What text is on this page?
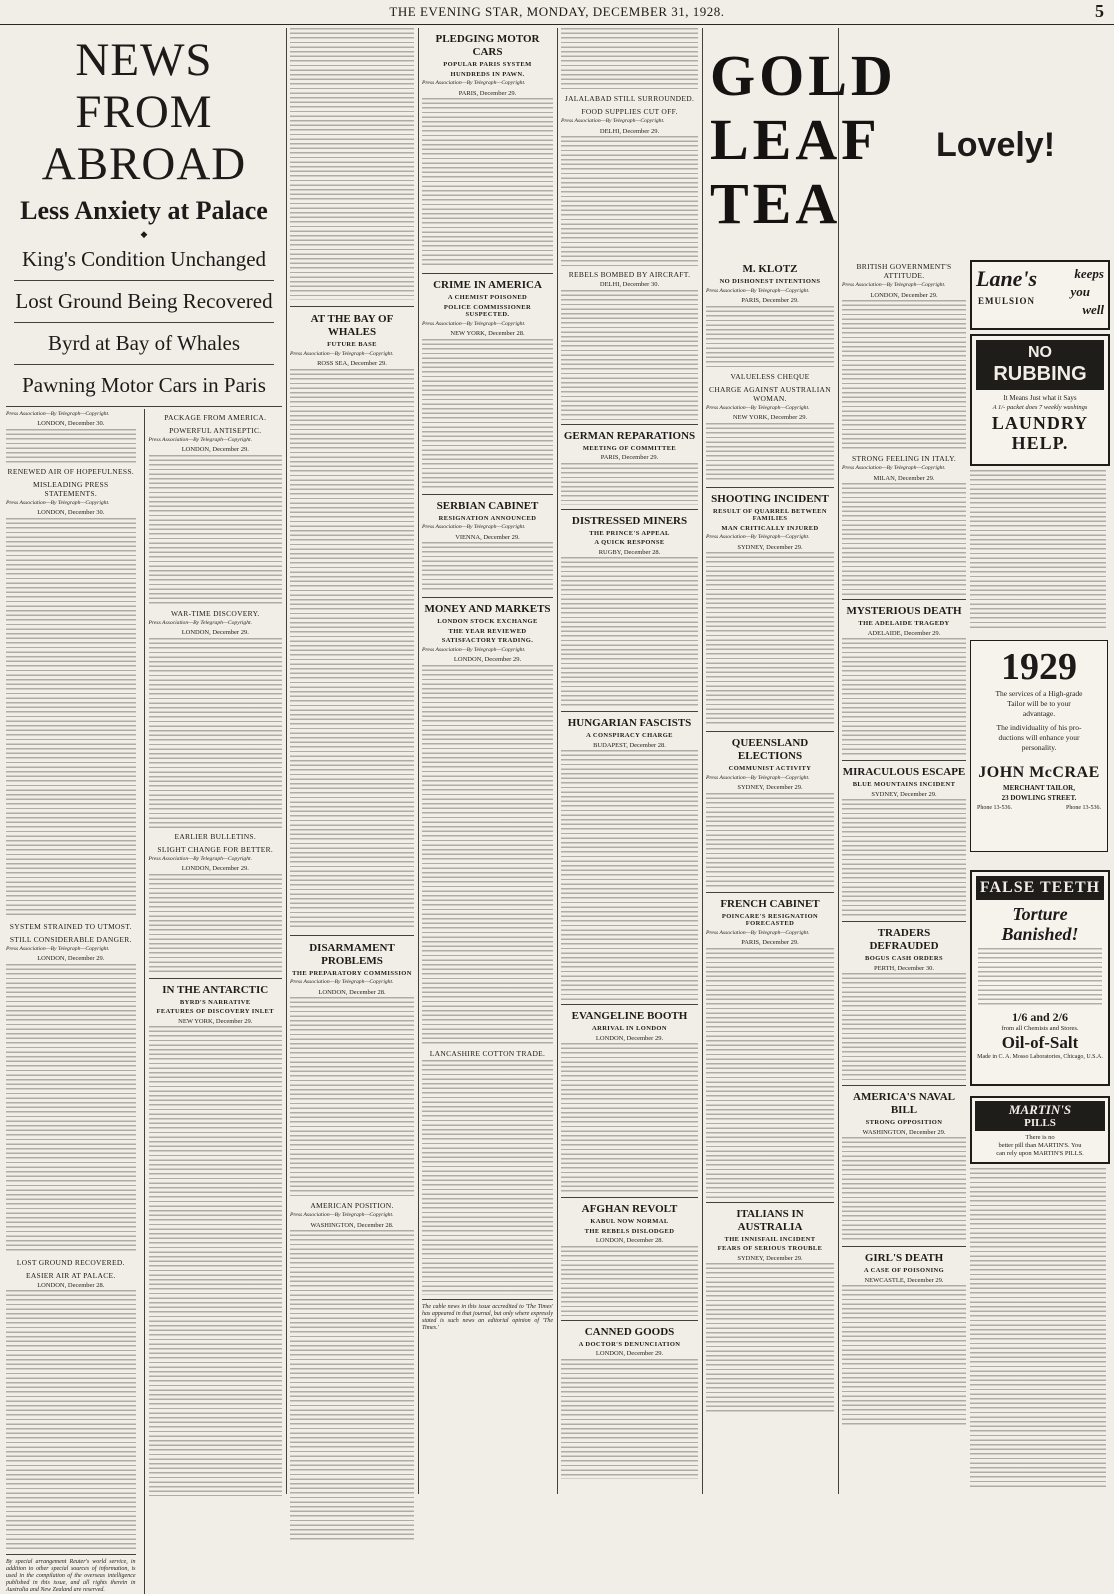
THE EVENING STAR, MONDAY, DECEMBER 31, 1928.	5
NEWS FROM ABROAD
Less Anxiety at Palace
◆
King's Condition Unchanged
Lost Ground Being Recovered
Byrd at Bay of Whales
Pawning Motor Cars in Paris
Press Association—By Telegraph—Copyright.
LONDON, December 30.
RENEWED AIR OF HOPEFULNESS.
MISLEADING PRESS STATEMENTS.
Press Association—By Telegraph—Copyright.
LONDON, December 30.
SYSTEM STRAINED TO UTMOST.
STILL CONSIDERABLE DANGER.
Press Association—By Telegraph—Copyright.
LONDON, December 29.
LOST GROUND RECOVERED.
EASIER AIR AT PALACE.
LONDON, December 28.
By special arrangement Reuter's world service, in addition to other special sources of information, is used in the compilation of the overseas intelligence published in this issue, and all rights therein in Australia and New Zealand are reserved.
PACKAGE FROM AMERICA.
POWERFUL ANTISEPTIC.
Press Association—By Telegraph—Copyright.
LONDON, December 29.
WAR-TIME DISCOVERY.
Press Association—By Telegraph—Copyright.
LONDON, December 29.
EARLIER BULLETINS.
SLIGHT CHANGE FOR BETTER.
Press Association—By Telegraph—Copyright.
LONDON, December 29.
IN THE ANTARCTIC
BYRD'S NARRATIVE
FEATURES OF DISCOVERY INLET
NEW YORK, December 29.
AT THE BAY OF WHALES
FUTURE BASE
Press Association—By Telegraph—Copyright.
ROSS SEA, December 29.
DISARMAMENT PROBLEMS
THE PREPARATORY COMMISSION
Press Association—By Telegraph—Copyright.
LONDON, December 28.
AMERICAN POSITION.
Press Association—By Telegraph—Copyright.
WASHINGTON, December 28.
PLEDGING MOTOR CARS
POPULAR PARIS SYSTEM
HUNDREDS IN PAWN.
Press Association—By Telegraph—Copyright.
PARIS, December 29.
CRIME IN AMERICA
A CHEMIST POISONED
POLICE COMMISSIONER SUSPECTED.
Press Association—By Telegraph—Copyright.
NEW YORK, December 28.
SERBIAN CABINET
RESIGNATION ANNOUNCED
Press Association—By Telegraph—Copyright.
VIENNA, December 29.
MONEY AND MARKETS
LONDON STOCK EXCHANGE
THE YEAR REVIEWED
SATISFACTORY TRADING.
Press Association—By Telegraph—Copyright.
LONDON, December 29.
LANCASHIRE COTTON TRADE.
The cable news in this issue accredited to 'The Times' has appeared in that journal, but only where expressly stated is such news an editorial opinion of 'The Times.'
JALALABAD STILL SURROUNDED.
FOOD SUPPLIES CUT OFF.
Press Association—By Telegraph—Copyright.
DELHI, December 29.
REBELS BOMBED BY AIRCRAFT.
DELHI, December 30.
GERMAN REPARATIONS
MEETING OF COMMITTEE
PARIS, December 29.
DISTRESSED MINERS
THE PRINCE'S APPEAL
A QUICK RESPONSE
RUGBY, December 28.
HUNGARIAN FASCISTS
A CONSPIRACY CHARGE
BUDAPEST, December 28.
EVANGELINE BOOTH
ARRIVAL IN LONDON
LONDON, December 29.
AFGHAN REVOLT
KABUL NOW NORMAL
THE REBELS DISLODGED
LONDON, December 28.
CANNED GOODS
A DOCTOR'S DENUNCIATION
LONDON, December 29.
GOLD
LEAF
TEA
Lovely!
M. KLOTZ
NO DISHONEST INTENTIONS
Press Association—By Telegraph—Copyright.
PARIS, December 29.
VALUELESS CHEQUE
CHARGE AGAINST AUSTRALIAN WOMAN.
Press Association—By Telegraph—Copyright.
NEW YORK, December 29.
SHOOTING INCIDENT
RESULT OF QUARREL BETWEEN FAMILIES
MAN CRITICALLY INJURED
Press Association—By Telegraph—Copyright.
SYDNEY, December 29.
QUEENSLAND ELECTIONS
COMMUNIST ACTIVITY
Press Association—By Telegraph—Copyright.
SYDNEY, December 29.
FRENCH CABINET
POINCARE'S RESIGNATION FORECASTED
Press Association—By Telegraph—Copyright.
PARIS, December 29.
ITALIANS IN AUSTRALIA
THE INNISFAIL INCIDENT
FEARS OF SERIOUS TROUBLE
SYDNEY, December 29.
BRITISH GOVERNMENT'S ATTITUDE.
Press Association—By Telegraph—Copyright.
LONDON, December 29.
STRONG FEELING IN ITALY.
Press Association—By Telegraph—Copyright.
MILAN, December 29.
MYSTERIOUS DEATH
THE ADELAIDE TRAGEDY
ADELAIDE, December 29.
MIRACULOUS ESCAPE
BLUE MOUNTAINS INCIDENT
SYDNEY, December 29.
TRADERS DEFRAUDED
BOGUS CASH ORDERS
PERTH, December 30.
AMERICA'S NAVAL BILL
STRONG OPPOSITION
WASHINGTON, December 29.
GIRL'S DEATH
A CASE OF POISONING
NEWCASTLE, December 29.
Lane's
EMULSION
keeps
you
well
NO
RUBBING
It Means Just what it Says
A 1/- packet does 7 weekly washings
LAUNDRY
HELP.
1929
The services of a High-grade
Tailor will be to your
advantage.
The individuality of his pro-
ductions will enhance your
personality.
JOHN McCRAE
MERCHANT TAILOR,
23 DOWLING STREET.
Phone 13-536.	Phone 13-536.
FALSE TEETH
Torture
Banished!
1/6 and 2/6
from all Chemists and Stores.
Oil-of-Salt
Made in C. A. Mosso Laboratories, Chicago, U.S.A.
MARTIN'S
PILLS
There is no
better pill than MARTIN'S. You
can rely upon MARTIN'S PILLS.
